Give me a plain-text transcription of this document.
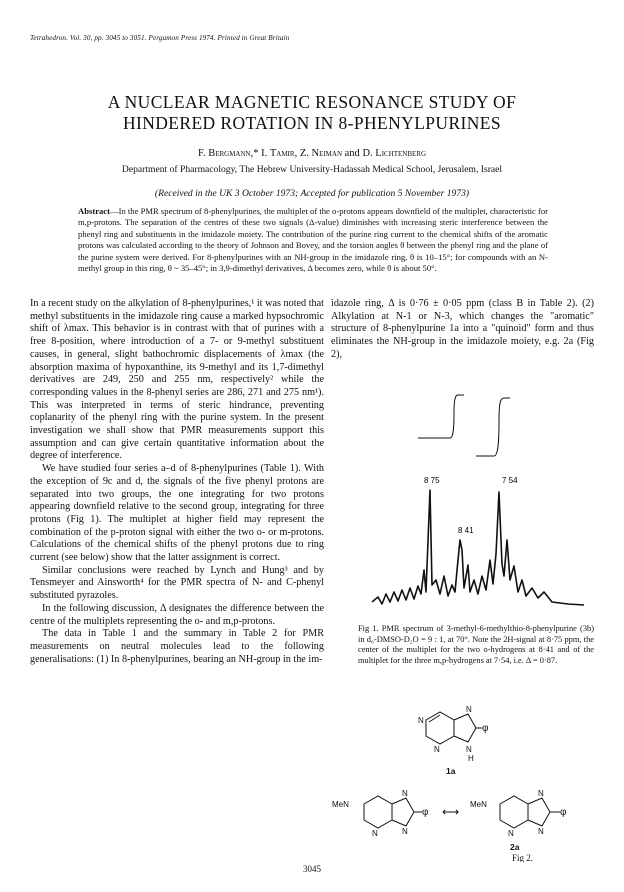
Tetrahedron. Vol. 30, pp. 3045 to 3051. Pergamon Press 1974. Printed in Great Britain
A NUCLEAR MAGNETIC RESONANCE STUDY OF
HINDERED ROTATION IN 8-PHENYLPURINES
F. Bergmann,* I. Tamir, Z. Neiman and D. Lichtenberg
Department of Pharmacology, The Hebrew University-Hadassah Medical School, Jerusalem, Israel
(Received in the UK 3 October 1973; Accepted for publication 5 November 1973)
Abstract—In the PMR spectrum of 8-phenylpurines, the multiplet of the o-protons appears downfield of the multiplet, characteristic for m,p-protons. The separation of the centres of these two signals (Δ-value) diminishes with increasing steric interference between the phenyl ring and substituents in the imidazole moiety. The contribution of the purine ring current to the chemical shifts of the aromatic protons was calculated according to the theory of Johnson and Bovey, and the torsion angles θ between the phenyl ring and the plane of the purine system were derived. For 8-phenylpurines with an NH-group in the imidazole ring, θ is 10–15°; for compounds with an N-methyl group in this ring, θ ~ 35–45°; in 3,9-dimethyl derivatives, Δ becomes zero, while θ is about 50°.

In a recent study on the alkylation of 8-phenylpurines,¹ it was noted that methyl substituents in the imidazole ring cause a marked hypsochromic shift of λmax. This behavior is in contrast with that of purines with a free 8-position, where introduction of a 7- or 9-methyl substituent causes, in general, slight bathochromic displacements of λmax (the absorption maxima of hypoxanthine, its 9-methyl and its 1,7-dimethyl derivatives are 249, 250 and 255 nm, respectively² while the corresponding values in the 8-phenyl series are 286, 271 and 275 nm¹). This was interpreted in terms of steric hindrance, preventing coplanarity of the phenyl ring with the purine system. In the present investigation we shall show that PMR measurements support this assumption and can give certain quantitative information about the degree of interference.

We have studied four series a–d of 8-phenylpurines (Table 1). With the exception of 9c and d, the signals of the five phenyl protons are separated into two groups, the one integrating for two protons appearing downfield relative to the second group, integrating for three protons (Fig 1). The multiplet at higher field may represent the combination of the p-proton signal with either the two o- or m-protons. Calculations of the chemical shifts of the phenyl protons due to ring current (see below) show that the latter assignment is correct.

Similar conclusions were reached by Lynch and Hung³ and by Tensmeyer and Ainsworth⁴ for the PMR spectra of N- and C-phenyl substituted pyrazoles.

In the following discussion, Δ designates the difference between the centre of the multiplets representing the o- and m,p-protons.

The data in Table 1 and the summary in Table 2 for PMR measurements on neutral molecules lead to the following generalisations: (1) In 8-phenylpurines, bearing an NH-group in the im-

idazole ring, Δ is 0·76 ± 0·05 ppm (class B in Table 2). (2) Alkylation at N-1 or N-3, which changes the "aromatic" structure of 8-phenylpurine 1a into a "quinoid" form and thus eliminates the NH-group in the imidazole moiety, e.g. 2a (Fig 2),

8 75
8 41
7 54
Fig 1. PMR spectrum of 3-methyl-6-methylthio-8-phenylpurine (3b) in d₆-DMSO-D₂O = 9 : 1, at 70°. Note the 2H-signal at 8·75 ppm, the center of the multiplet for the two o-hydrogens at 8·41 and of the multiplet for the three m,p-hydrogens at 7·54, i.e. Δ = 0·87.
N
N
N
N
H
φ
1a
MeN
N
N
N
φ ⟷
MeN
N
N
N
φ
2a
Fig 2.
3045
